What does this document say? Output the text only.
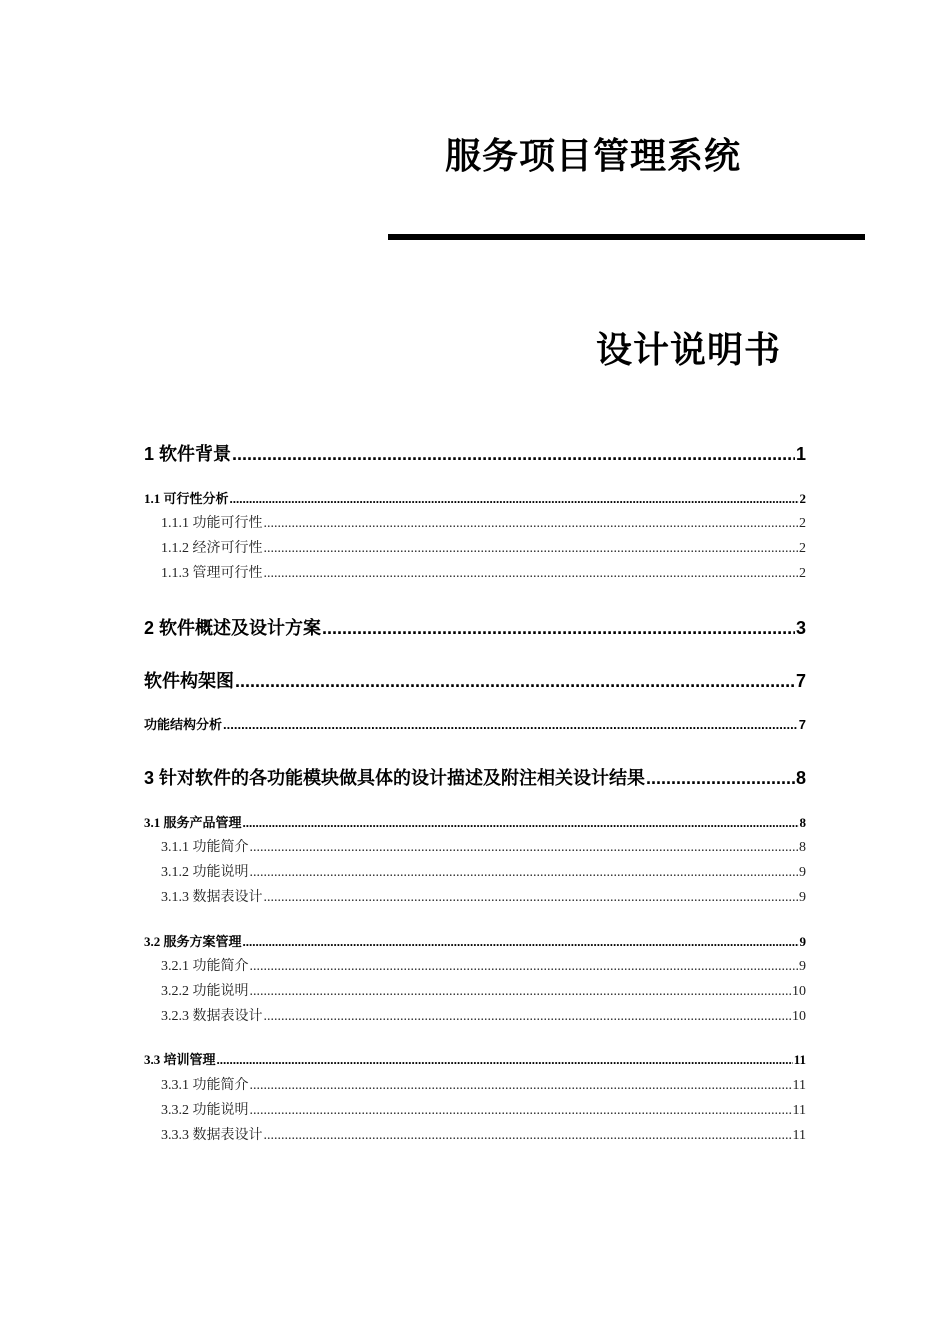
服务项目管理系统
设计说明书
1 软件背景 .....	1
1.1 可行性分析 .....	2
1.1.1 功能可行性 .....	2
1.1.2 经济可行性 .....	2
1.1.3 管理可行性 .....	2
2 软件概述及设计方案 .....	3
软件构架图 .....	7
功能结构分析 .....	7
3 针对软件的各功能模块做具体的设计描述及附注相关设计结果 .....	8
3.1 服务产品管理 .....	8
3.1.1 功能简介 .....	8
3.1.2 功能说明 .....	9
3.1.3 数据表设计 .....	9
3.2 服务方案管理 .....	9
3.2.1 功能简介 .....	9
3.2.2 功能说明 .....	10
3.2.3 数据表设计 .....	10
3.3 培训管理 .....	11
3.3.1 功能简介 .....	11
3.3.2 功能说明 .....	11
3.3.3 数据表设计 .....	11
